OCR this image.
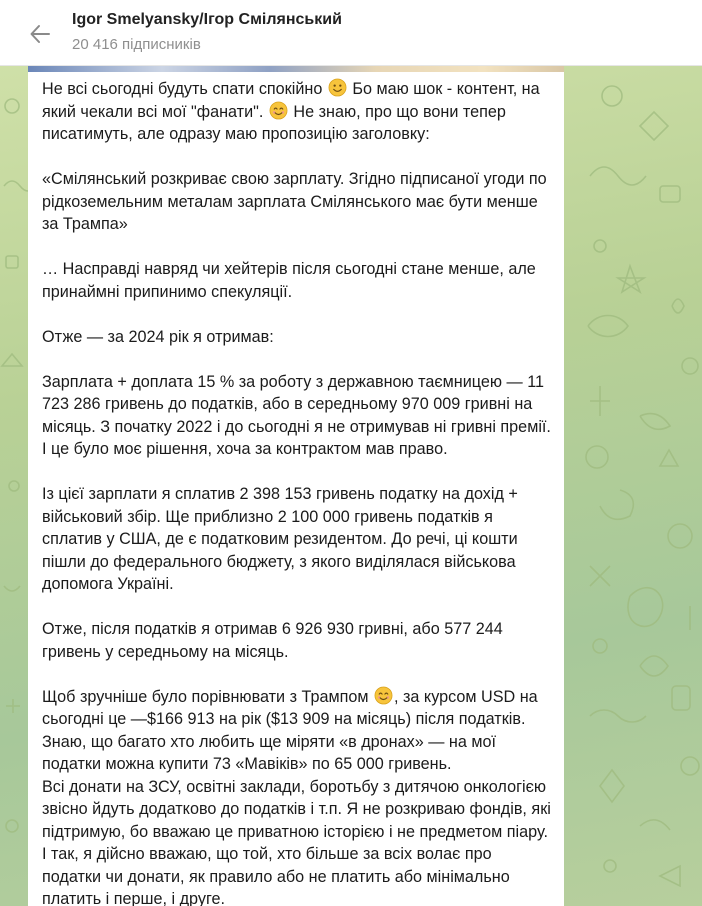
Igor Smelyansky/Ігор Смілянський
20 416 підписників

Не всі сьогодні будуть спати спокійно Бо маю шок - контент, на який чекали всі мої "фанати". Не знаю, про що вони тепер писатимуть, але одразу маю пропозицію заголовку:

«Смілянський розкриває свою зарплату. Згідно підписаної угоди по рідкоземельним металам зарплата Смілянського має бути менше за Трампа»

… Насправді навряд чи хейтерів після сьогодні стане менше, але принаймні припинимо спекуляції.

Отже — за 2024 рік я отримав:

Зарплата + доплата 15 % за роботу з державною таємницею — 11 723 286 гривень до податків, або в середньому 970 009 гривні на місяць. З початку 2022 і до сьогодні я не отримував ні гривні премії. І це було моє рішення, хоча за контрактом мав право.

Із цієї зарплати я сплатив 2 398 153 гривень податку на дохід + військовий збір. Ще приблизно 2 100 000 гривень податків я сплатив у США, де є податковим резидентом. До речі, ці кошти пішли до федерального бюджету, з якого виділялася військова допомога Україні.

Отже, після податків я отримав 6 926 930 гривні, або 577 244 гривень у середньому на місяць.

Щоб зручніше було порівнювати з Трампом , за курсом USD на сьогодні це —$166 913 на рік ($13 909 на місяць) після податків. Знаю, що багато хто любить ще міряти «в дронах» — на мої податки можна купити 73 «Мавіків» по 65 000 гривень.

Всі донати на ЗСУ, освітні заклади, боротьбу з дитячою онкологією звісно йдуть додатково до податків і т.п. Я не розкриваю фондів, які підтримую, бо вважаю це приватною історією і не предметом піару. І так, я дійсно вважаю, що той, хто більше за всіх волає про податки чи донати, як правило або не платить або мінімально платить і перше, і друге.
